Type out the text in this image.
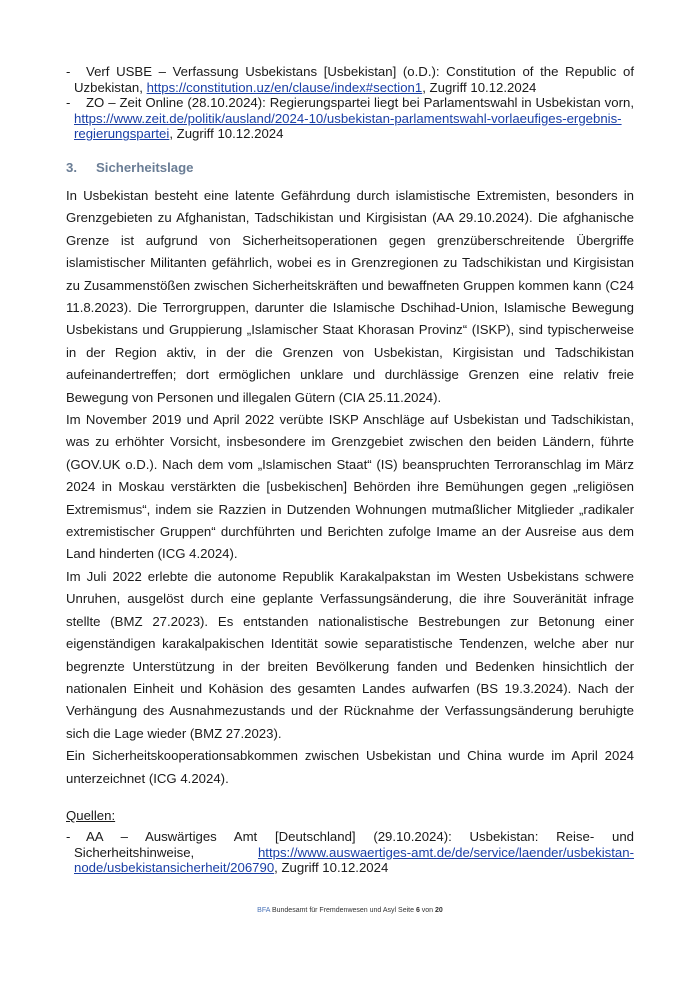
- Verf USBE – Verfassung Usbekistans [Usbekistan] (o.D.): Constitution of the Republic of Uzbekistan, https://constitution.uz/en/clause/index#section1, Zugriff 10.12.2024
- ZO – Zeit Online (28.10.2024): Regierungspartei liegt bei Parlamentswahl in Usbekistan vorn, https://www.zeit.de/politik/ausland/2024-10/usbekistan-parlamentswahl-vorlaeufiges-ergebnis-regierungspartei, Zugriff 10.12.2024
3.	Sicherheitslage

In Usbekistan besteht eine latente Gefährdung durch islamistische Extremisten, besonders in Grenzgebieten zu Afghanistan, Tadschikistan und Kirgisistan (AA 29.10.2024). Die afghanische Grenze ist aufgrund von Sicherheitsoperationen gegen grenzüberschreitende Übergriffe islamistischer Militanten gefährlich, wobei es in Grenzregionen zu Tadschikistan und Kirgisistan zu Zusammenstößen zwischen Sicherheitskräften und bewaffneten Gruppen kommen kann (C24 11.8.2023). Die Terrorgruppen, darunter die Islamische Dschihad-Union, Islamische Bewegung Usbekistans und Gruppierung „Islamischer Staat Khorasan Provinz“ (ISKP), sind typischerweise in der Region aktiv, in der die Grenzen von Usbekistan, Kirgisistan und Tadschikistan aufeinandertreffen; dort ermöglichen unklare und durchlässige Grenzen eine relativ freie Bewegung von Personen und illegalen Gütern (CIA 25.11.2024).

Im November 2019 und April 2022 verübte ISKP Anschläge auf Usbekistan und Tadschikistan, was zu erhöhter Vorsicht, insbesondere im Grenzgebiet zwischen den beiden Ländern, führte (GOV.UK o.D.). Nach dem vom „Islamischen Staat“ (IS) beanspruchten Terroranschlag im März 2024 in Moskau verstärkten die [usbekischen] Behörden ihre Bemühungen gegen „religiösen Extremismus“, indem sie Razzien in Dutzenden Wohnungen mutmaßlicher Mitglieder „radikaler extremistischer Gruppen“ durchführten und Berichten zufolge Imame an der Ausreise aus dem Land hinderten (ICG 4.2024).

Im Juli 2022 erlebte die autonome Republik Karakalpakstan im Westen Usbekistans schwere Unruhen, ausgelöst durch eine geplante Verfassungsänderung, die ihre Souveränität infrage stellte (BMZ 27.2023). Es entstanden nationalistische Bestrebungen zur Betonung einer eigenständigen karakalpakischen Identität sowie separatistische Tendenzen, welche aber nur begrenzte Unterstützung in der breiten Bevölkerung fanden und Bedenken hinsichtlich der nationalen Einheit und Kohäsion des gesamten Landes aufwarfen (BS 19.3.2024). Nach der Verhängung des Ausnahmezustands und der Rücknahme der Verfassungsänderung beruhigte sich die Lage wieder (BMZ 27.2023).

Ein Sicherheitskooperationsabkommen zwischen Usbekistan und China wurde im April 2024 unterzeichnet (ICG 4.2024).

Quellen:
- AA – Auswärtiges Amt [Deutschland] (29.10.2024): Usbekistan: Reise- und Sicherheitshinweise, https://www.auswaertiges-amt.de/de/service/laender/usbekistan-node/usbekistansicherheit/206790, Zugriff 10.12.2024
BFA Bundesamt für Fremdenwesen und Asyl Seite 6 von 20
